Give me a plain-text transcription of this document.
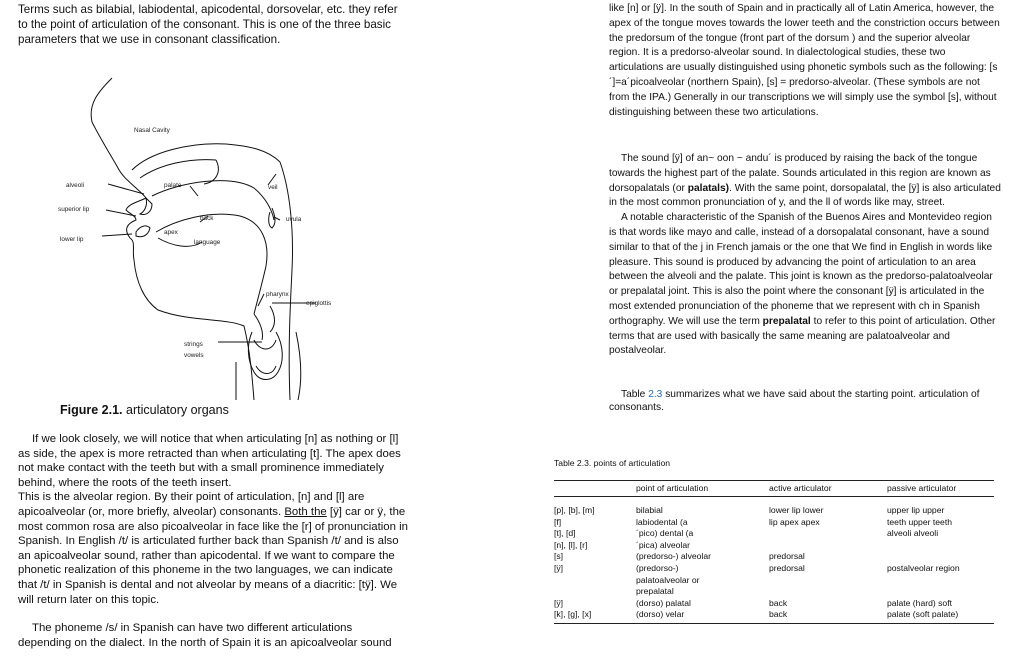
Terms such as bilabial, labiodental, apicodental, dorsovelar, etc. they refer to the point of articulation of the consonant. This is one of the three basic parameters that we use in consonant classification.

Nasal Cavity
alveoli	palate	veil
superior lip
back	uvula
lower lip
apex
language
pharynx
epiglottis
strings
vowels
Figure 2.1. articulatory organs

If we look closely, we will notice that when articulating [n] as nothing or [l] as side, the apex is more retracted than when articulating [t]. The apex does not make contact with the teeth but with a small prominence immediately behind, where the roots of the teeth insert.

This is the alveolar region. By their point of articulation, [n] and [l] are apicoalveolar (or, more briefly, alveolar) consonants. Both the [ÿ] car or ÿ, the most common rosa are also picoalveolar in face like the [r] of pronunciation in Spanish. In English /t/ is articulated further back than Spanish /t/ and is also an apicoalveolar sound, rather than apicodental. If we want to compare the phonetic realization of this phoneme in the two languages, we can indicate that /t/ in Spanish is dental and not alveolar by means of a diacritic: [tÿ]. We will return later on this topic.

The phoneme /s/ in Spanish can have two different articulations depending on the dialect. In the north of Spain it is an apicoalveolar sound

like [n] or [ÿ]. In the south of Spain and in practically all of Latin America, however, the apex of the tongue moves towards the lower teeth and the constriction occurs between the predorsum of the tongue (front part of the dorsum ) and the superior alveolar region. It is a predorso-alveolar sound. In dialectological studies, these two articulations are usually distinguished using phonetic symbols such as the following: [s´]=a´picoalveolar (northern Spain), [s] = predorso-alveolar. (These symbols are not from the IPA.) Generally in our transcriptions we will simply use the symbol [s], without distinguishing between these two articulations.

The sound [ÿ] of an~ oon ~ andu´ is produced by raising the back of the tongue towards the highest part of the palate. Sounds articulated in this region are known as dorsopalatals (or palatals). With the same point, dorsopalatal, the [ÿ] is also articulated in the most common pronunciation of y, and the ll of words like may, street.

A notable characteristic of the Spanish of the Buenos Aires and Montevideo region is that words like mayo and calle, instead of a dorsopalatal consonant, have a sound similar to that of the j in French jamais or the one that We find in English in words like pleasure. This sound is produced by advancing the point of articulation to an area between the alveoli and the palate. This joint is known as the predorso-palatoalveolar or prepalatal joint. This is also the point where the consonant [ÿ] is articulated in the most extended pronunciation of the phoneme that we represent with ch in Spanish orthography. We will use the term prepalatal to refer to this point of articulation. Other terms that are used with basically the same meaning are palatoalveolar and postalveolar.

Table 2.3 summarizes what we have said about the starting point. articulation of consonants.

Table 2.3. points of articulation
	point of articulation	active articulator	passive articulator
[p], [b], [m]	bilabial	lower lip lower	upper lip upper
[f]	labiodental (a	lip apex apex	teeth upper teeth
[t], [d]	´pico) dental (a		alveoli alveoli
[n], [l], [r]	´pica) alveolar		
[s]	(predorso-) alveolar	predorsal	
[ÿ]	(predorso-)	predorsal	postalveolar region
	palatoalveolar or		
	prepalatal		
[ÿ]	(dorso) palatal	back	palate (hard) soft
[k], [g], [x]	(dorso) velar	back	palate (soft palate)
